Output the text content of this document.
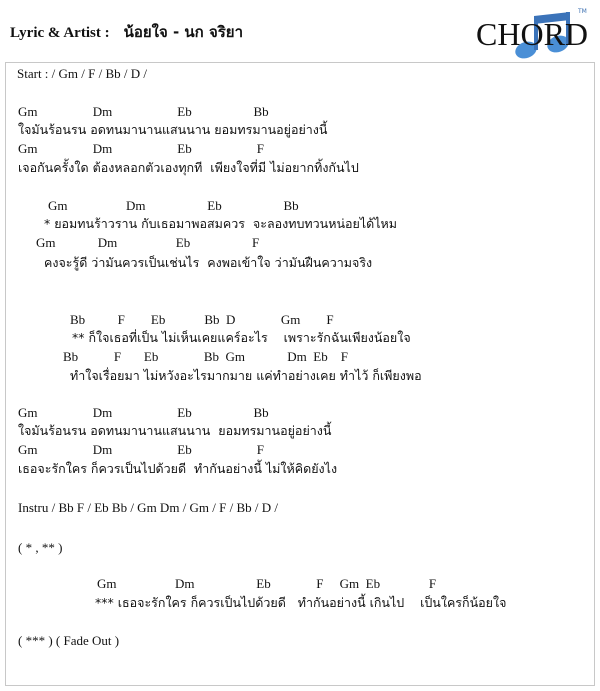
Lyric & Artist : น้อยใจ - นก จริยา	CHORD
TM
Start : / Gm / F / Bb / D /
Gm                 Dm                    Eb                   Bb
ใจมันร้อนรน อดทนมานานแสนนาน ยอมทรมานอยู่อย่างนี้
Gm                 Dm                    Eb                    F
เจอกันครั้งใด ต้องหลอกตัวเองทุกที  เพียงใจที่มี ไม่อยากทิ้งกันไป
Gm                  Dm                   Eb                   Bb
* ยอมทนร้าวราน กับเธอมาพอสมควร  จะลองทบทวนหน่อยได้ไหม
Gm             Dm                  Eb                   F
คงจะรู้ดี ว่ามันควรเป็นเช่นไร  คงพอเข้าใจ ว่ามันฝืนความจริง
Bb          F        Eb            Bb  D              Gm        F
** ก็ใจเธอที่เป็น ไม่เห็นเคยแคร์อะไร    เพราะรักฉันเพียงน้อยใจ
Bb           F       Eb              Bb  Gm             Dm  Eb    F
ทำใจเรื่อยมา ไม่หวังอะไรมากมาย แค่ทำอย่างเคย ทำไว้ ก็เพียงพอ
Gm                 Dm                    Eb                   Bb
ใจมันร้อนรน อดทนมานานแสนนาน  ยอมทรมานอยู่อย่างนี้
Gm                 Dm                    Eb                    F
เธอจะรักใคร ก็ควรเป็นไปด้วยดี  ทำกันอย่างนี้ ไม่ให้คิดยังไง
Instru / Bb F / Eb Bb / Gm Dm / Gm / F / Bb / D /
( * , ** )
Gm                  Dm                   Eb              F     Gm  Eb               F
*** เธอจะรักใคร ก็ควรเป็นไปด้วยดี   ทำกันอย่างนี้ เกินไป    เป็นใครก็น้อยใจ
( *** ) ( Fade Out )
